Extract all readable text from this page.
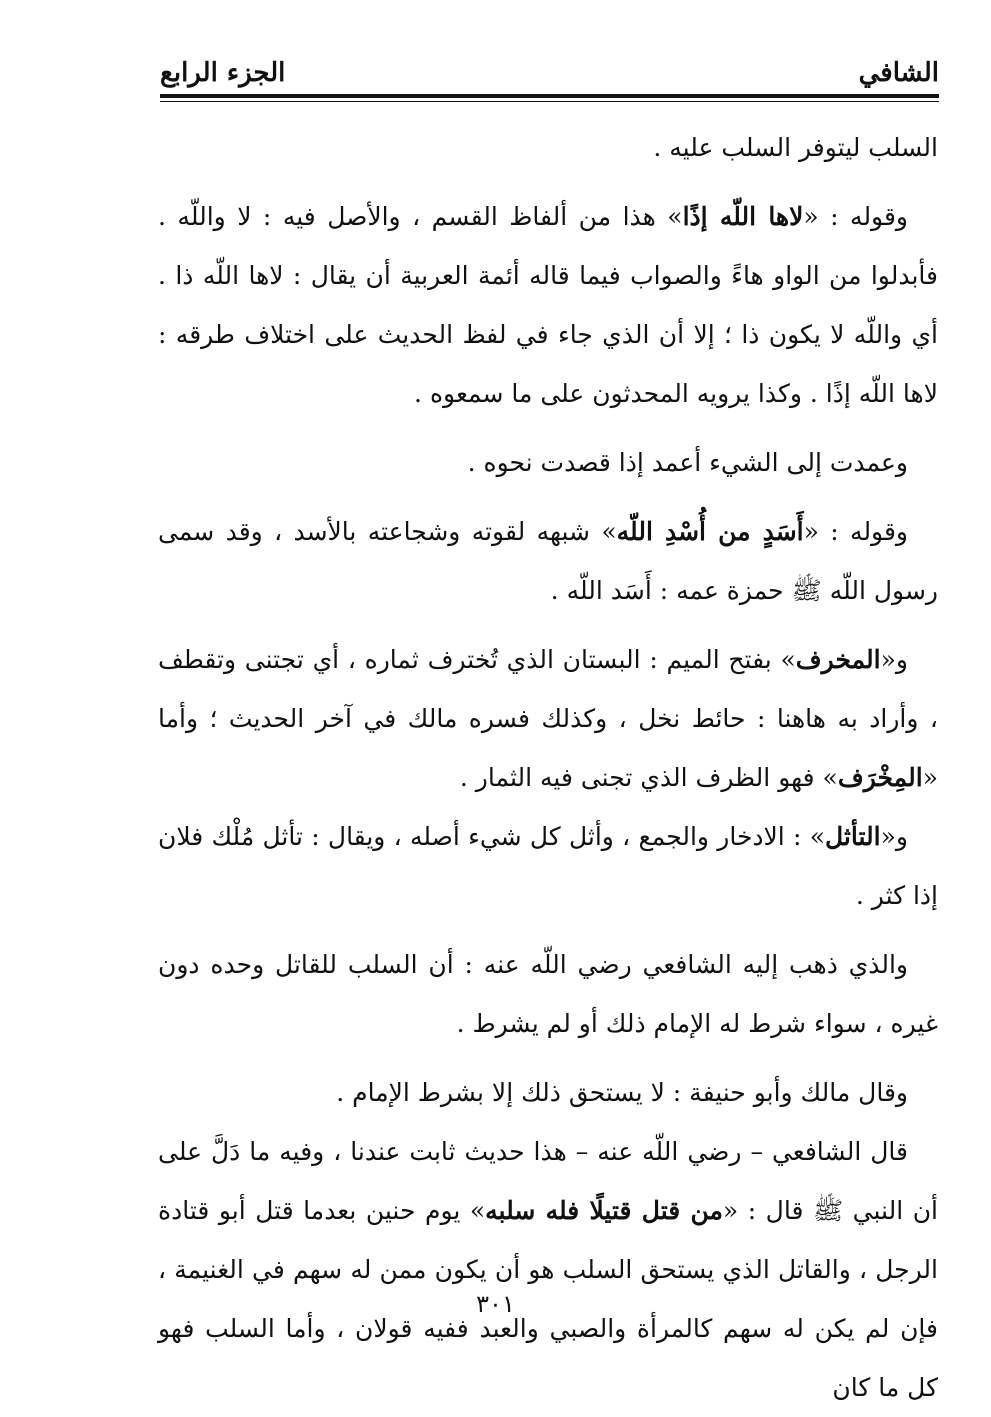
الشافي
الجزء الرابع

السلب ليتوفر السلب عليه .

وقوله : «لاها اللّه إذًا» هذا من ألفاظ القسم ، والأصل فيه : لا واللّه . فأبدلوا من الواو هاءً والصواب فيما قاله أئمة العربية أن يقال : لاها اللّه ذا . أي واللّه لا يكون ذا ؛ إلا أن الذي جاء في لفظ الحديث على اختلاف طرقه : لاها اللّه إذًا . وكذا يرويه المحدثون على ما سمعوه .

وعمدت إلى الشيء أعمد إذا قصدت نحوه .

وقوله : «أَسَدٍ من أُسْدِ اللّه» شبهه لقوته وشجاعته بالأسد ، وقد سمى رسول اللّه ﷺ حمزة عمه : أَسَد اللّه .

و«المخرف» بفتح الميم : البستان الذي تُخترف ثماره ، أي تجتنى وتقطف ، وأراد به هاهنا : حائط نخل ، وكذلك فسره مالك في آخر الحديث ؛ وأما «المِخْرَف» فهو الظرف الذي تجنى فيه الثمار .

و«التأثل» : الادخار والجمع ، وأثل كل شيء أصله ، ويقال : تأثل مُلْك فلان إذا كثر .

والذي ذهب إليه الشافعي رضي اللّه عنه : أن السلب للقاتل وحده دون غيره ، سواء شرط له الإمام ذلك أو لم يشرط .

وقال مالك وأبو حنيفة : لا يستحق ذلك إلا بشرط الإمام .

قال الشافعي – رضي اللّه عنه – هذا حديث ثابت عندنا ، وفيه ما دَلَّ على أن النبي ﷺ قال : «من قتل قتيلًا فله سلبه» يوم حنين بعدما قتل أبو قتادة الرجل ، والقاتل الذي يستحق السلب هو أن يكون ممن له سهم في الغنيمة ، فإن لم يكن له سهم كالمرأة والصبي والعبد ففيه قولان ، وأما السلب فهو كل ما كان

٣٠١
